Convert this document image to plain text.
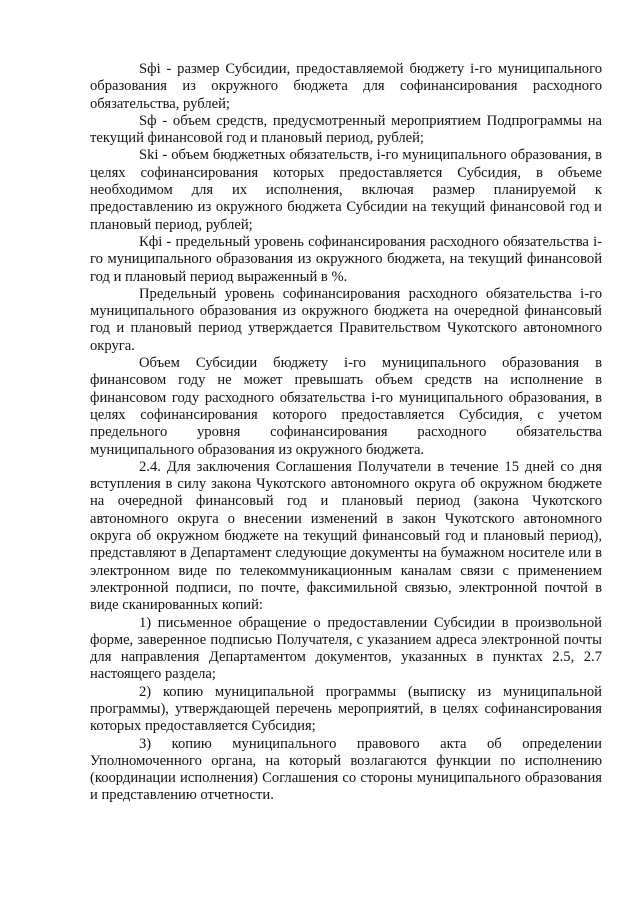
Sфi - размер Субсидии, предоставляемой бюджету i-го муниципального образования из окружного бюджета для софинансирования расходного обязательства, рублей;

Sф - объем средств, предусмотренный мероприятием Подпрограммы на текущий финансовой год и плановый период, рублей;

Ski - объем бюджетных обязательств, i-го муниципального образования, в целях софинансирования которых предоставляется Субсидия, в объеме необходимом для их исполнения, включая размер планируемой к предоставлению из окружного бюджета Субсидии на текущий финансовой год и плановый период, рублей;

Кфi - предельный уровень софинансирования расходного обязательства i-го муниципального образования из окружного бюджета, на текущий финансовой год и плановый период выраженный в %.

Предельный уровень софинансирования расходного обязательства i-го муниципального образования из окружного бюджета на очередной финансовый год и плановый период утверждается Правительством Чукотского автономного округа.

Объем Субсидии бюджету i-го муниципального образования в финансовом году не может превышать объем средств на исполнение в финансовом году расходного обязательства i-го муниципального образования, в целях софинансирования которого предоставляется Субсидия, с учетом предельного уровня софинансирования расходного обязательства муниципального образования из окружного бюджета.

2.4. Для заключения Соглашения Получатели в течение 15 дней со дня вступления в силу закона Чукотского автономного округа об окружном бюджете на очередной финансовый год и плановый период (закона Чукотского автономного округа о внесении изменений в закон Чукотского автономного округа об окружном бюджете на текущий финансовый год и плановый период), представляют в Департамент следующие документы на бумажном носителе или в электронном виде по телекоммуникационным каналам связи с применением электронной подписи, по почте, факсимильной связью, электронной почтой в виде сканированных копий:

1) письменное обращение о предоставлении Субсидии в произвольной форме, заверенное подписью Получателя, с указанием адреса электронной почты для направления Департаментом документов, указанных в пунктах 2.5, 2.7 настоящего раздела;

2) копию муниципальной программы (выписку из муниципальной программы), утверждающей перечень мероприятий, в целях софинансирования которых предоставляется Субсидия;

3) копию муниципального правового акта об определении Уполномоченного органа, на который возлагаются функции по исполнению (координации исполнения) Соглашения со стороны муниципального образования и представлению отчетности.
